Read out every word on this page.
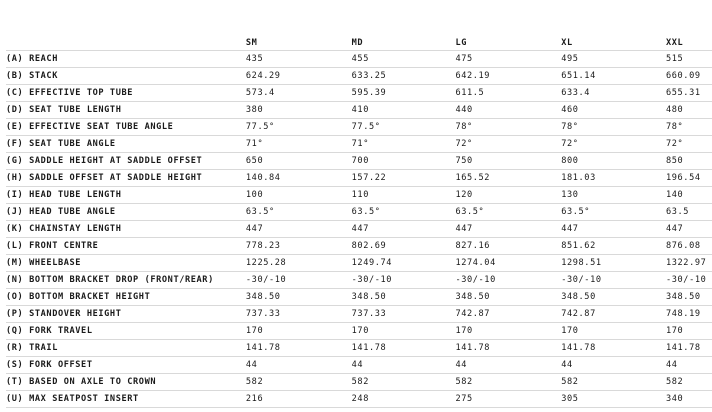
	SM	MD	LG	XL	XXL
(A) REACH	435	455	475	495	515
(B) STACK	624.29	633.25	642.19	651.14	660.09
(C) EFFECTIVE TOP TUBE	573.4	595.39	611.5	633.4	655.31
(D) SEAT TUBE LENGTH	380	410	440	460	480
(E) EFFECTIVE SEAT TUBE ANGLE	77.5°	77.5°	78°	78°	78°
(F) SEAT TUBE ANGLE	71°	71°	72°	72°	72°
(G) SADDLE HEIGHT AT SADDLE OFFSET	650	700	750	800	850
(H) SADDLE OFFSET AT SADDLE HEIGHT	140.84	157.22	165.52	181.03	196.54
(I) HEAD TUBE LENGTH	100	110	120	130	140
(J) HEAD TUBE ANGLE	63.5°	63.5°	63.5°	63.5°	63.5
(K) CHAINSTAY LENGTH	447	447	447	447	447
(L) FRONT CENTRE	778.23	802.69	827.16	851.62	876.08
(M) WHEELBASE	1225.28	1249.74	1274.04	1298.51	1322.97
(N) BOTTOM BRACKET DROP (FRONT/REAR)	-30/-10	-30/-10	-30/-10	-30/-10	-30/-10
(O) BOTTOM BRACKET HEIGHT	348.50	348.50	348.50	348.50	348.50
(P) STANDOVER HEIGHT	737.33	737.33	742.87	742.87	748.19
(Q) FORK TRAVEL	170	170	170	170	170
(R) TRAIL	141.78	141.78	141.78	141.78	141.78
(S) FORK OFFSET	44	44	44	44	44
(T) BASED ON AXLE TO CROWN	582	582	582	582	582
(U) MAX SEATPOST INSERT	216	248	275	305	340
